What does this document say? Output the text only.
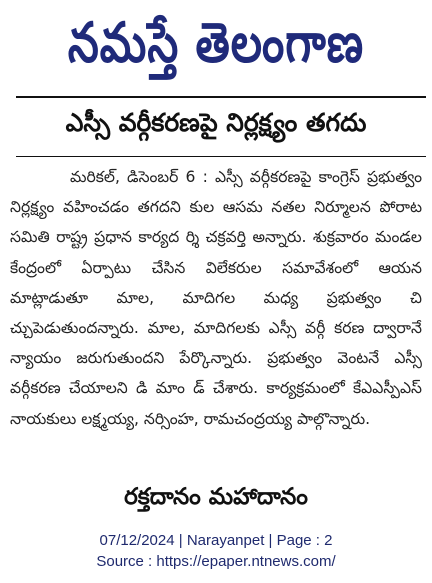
నమస్తే తెలంగాణ
ఎస్సీ వర్గీకరణపై నిర్లక్ష్యం తగదు

మరికల్, డిసెంబర్ 6 : ఎస్సీ వర్గీకరణపై కాంగ్రెస్ ప్రభుత్వం నిర్లక్ష్యం వహించడం తగదని కుల ఆసమ నతల నిర్మూలన పోరాట సమితి రాష్ట్ర ప్రధాన కార్యద ర్శి చక్రవర్తి అన్నారు. శుక్రవారం మండల కేంద్రంలో ఏర్పాటు చేసిన విలేకరుల సమావేశంలో ఆయన మాట్లాడుతూ మాల, మాదిగల మధ్య ప్రభుత్వం చి చ్చుపెడుతుందన్నారు. మాల, మాదిగలకు ఎస్సీ వర్గీ కరణ ద్వారానే న్యాయం జరుగుతుందని పేర్కొన్నారు. ప్రభుత్వం వెంటనే ఎస్సీ వర్గీకరణ చేయాలని డి మాం డ్ చేశారు. కార్యక్రమంలో కేఎఎస్పీఎస్ నాయకులు లక్ష్మయ్య, నర్సింహ, రామచంద్రయ్య పాల్గొన్నారు.

రక్తదానం మహాదానం
07/12/2024 | Narayanpet | Page : 2
Source : https://epaper.ntnews.com/
